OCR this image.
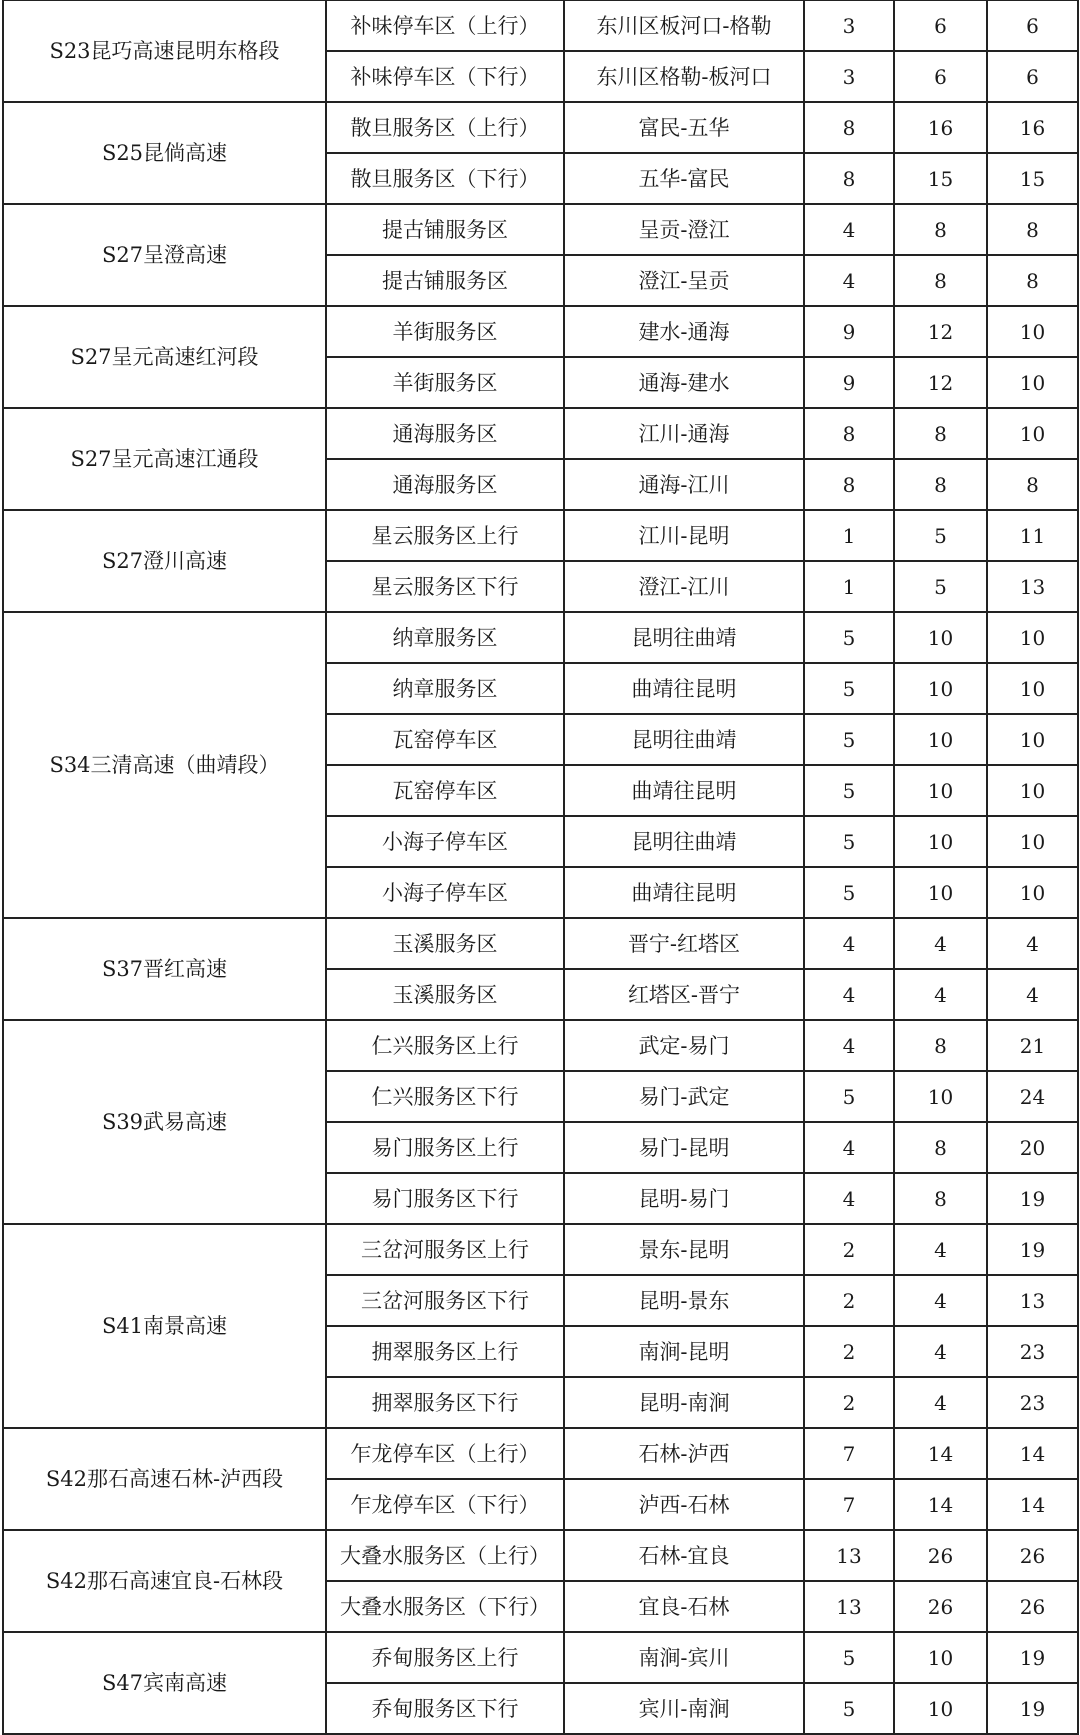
S23昆巧高速昆明东格段	补味停车区（上行）	东川区板河口-格勒	3	6	6
	补味停车区（下行）	东川区格勒-板河口	3	6	6
S25昆倘高速	散旦服务区（上行）	富民-五华	8	16	16
	散旦服务区（下行）	五华-富民	8	15	15
S27呈澄高速	提古铺服务区	呈贡-澄江	4	8	8
	提古铺服务区	澄江-呈贡	4	8	8
S27呈元高速红河段	羊街服务区	建水-通海	9	12	10
	羊街服务区	通海-建水	9	12	10
S27呈元高速江通段	通海服务区	江川-通海	8	8	10
	通海服务区	通海-江川	8	8	8
S27澄川高速	星云服务区上行	江川-昆明	1	5	11
	星云服务区下行	澄江-江川	1	5	13
S34三清高速（曲靖段）	纳章服务区	昆明往曲靖	5	10	10
	纳章服务区	曲靖往昆明	5	10	10
	瓦窑停车区	昆明往曲靖	5	10	10
	瓦窑停车区	曲靖往昆明	5	10	10
	小海子停车区	昆明往曲靖	5	10	10
	小海子停车区	曲靖往昆明	5	10	10
S37晋红高速	玉溪服务区	晋宁-红塔区	4	4	4
	玉溪服务区	红塔区-晋宁	4	4	4
S39武易高速	仁兴服务区上行	武定-易门	4	8	21
	仁兴服务区下行	易门-武定	5	10	24
	易门服务区上行	易门-昆明	4	8	20
	易门服务区下行	昆明-易门	4	8	19
S41南景高速	三岔河服务区上行	景东-昆明	2	4	19
	三岔河服务区下行	昆明-景东	2	4	13
	拥翠服务区上行	南涧-昆明	2	4	23
	拥翠服务区下行	昆明-南涧	2	4	23
S42那石高速石林-泸西段	乍龙停车区（上行）	石林-泸西	7	14	14
	乍龙停车区（下行）	泸西-石林	7	14	14
S42那石高速宜良-石林段	大叠水服务区（上行）	石林-宜良	13	26	26
	大叠水服务区（下行）	宜良-石林	13	26	26
S47宾南高速	乔甸服务区上行	南涧-宾川	5	10	19
	乔甸服务区下行	宾川-南涧	5	10	19
